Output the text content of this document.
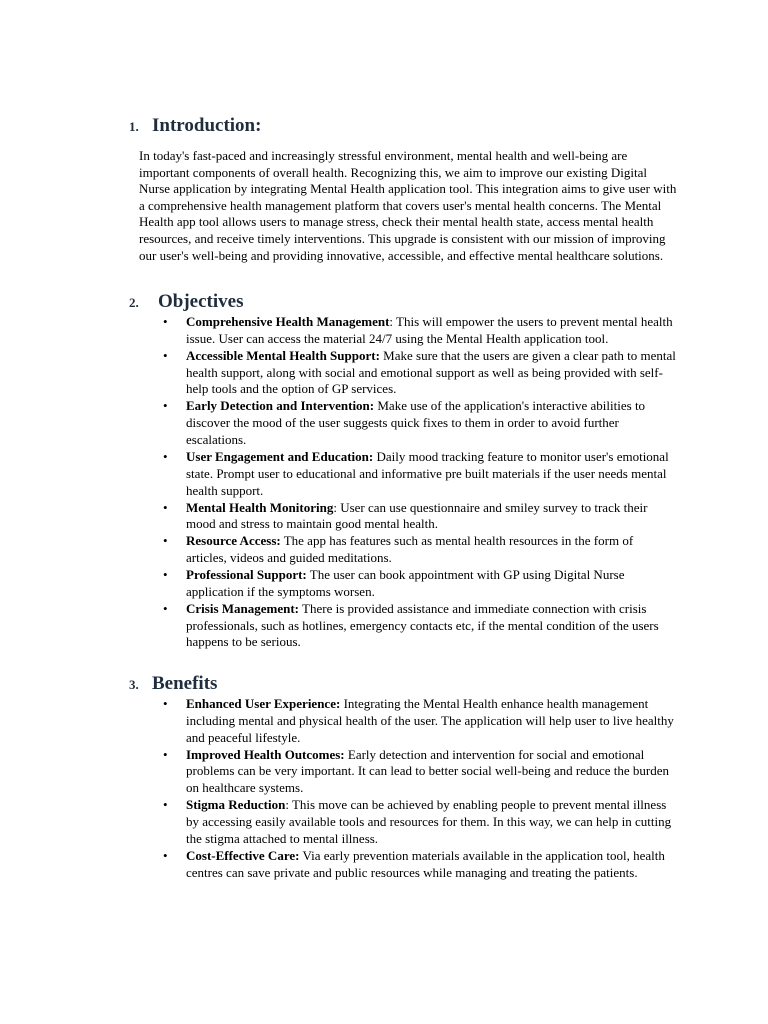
1. Introduction:

In today's fast-paced and increasingly stressful environment, mental health and well-being are important components of overall health. Recognizing this, we aim to improve our existing Digital Nurse application by integrating Mental Health application tool. This integration aims to give user with a comprehensive health management platform that covers user's mental health concerns. The Mental Health app tool allows users to manage stress, check their mental health state, access mental health resources, and receive timely interventions. This upgrade is consistent with our mission of improving our user's well-being and providing innovative, accessible, and effective mental healthcare solutions.

2. Objectives
• Comprehensive Health Management: This will empower the users to prevent mental health issue. User can access the material 24/7 using the Mental Health application tool.
• Accessible Mental Health Support: Make sure that the users are given a clear path to mental health support, along with social and emotional support as well as being provided with self-help tools and the option of GP services.
• Early Detection and Intervention: Make use of the application's interactive abilities to discover the mood of the user suggests quick fixes to them in order to avoid further escalations.
• User Engagement and Education: Daily mood tracking feature to monitor user's emotional state. Prompt user to educational and informative pre built materials if the user needs mental health support.
• Mental Health Monitoring: User can use questionnaire and smiley survey to track their mood and stress to maintain good mental health.
• Resource Access: The app has features such as mental health resources in the form of articles, videos and guided meditations.
• Professional Support: The user can book appointment with GP using Digital Nurse application if the symptoms worsen.
• Crisis Management: There is provided assistance and immediate connection with crisis professionals, such as hotlines, emergency contacts etc, if the mental condition of the users happens to be serious.
3. Benefits
• Enhanced User Experience: Integrating the Mental Health enhance health management including mental and physical health of the user. The application will help user to live healthy and peaceful lifestyle.
• Improved Health Outcomes: Early detection and intervention for social and emotional problems can be very important. It can lead to better social well-being and reduce the burden on healthcare systems.
• Stigma Reduction: This move can be achieved by enabling people to prevent mental illness by accessing easily available tools and resources for them. In this way, we can help in cutting the stigma attached to mental illness.
• Cost-Effective Care: Via early prevention materials available in the application tool, health centres can save private and public resources while managing and treating the patients.
